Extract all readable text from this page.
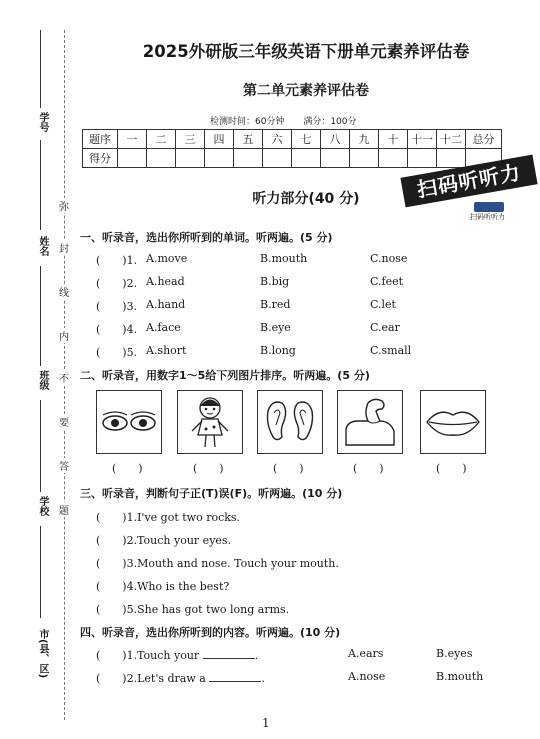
学号
姓名
班级
学校
市(县、区)
弥
封
线
内
不
要
答
题
2025外研版三年级英语下册单元素养评估卷
第二单元素养评估卷
检测时间：60分钟 满分：100分
题序	一	二	三	四	五	六	七	八	九	十	十一	十二	总分
得分													
扫码听听力
扫码听听力
听力部分(40 分)
一、听录音，选出你所听到的单词。听两遍。(5 分)
(　　)1. A.move	B.mouth	C.nose
(　　)2. A.head	B.big	C.feet
(　　)3. A.hand	B.red	C.let
(　　)4. A.face	B.eye	C.ear
(　　)5. A.short	B.long	C.small
二、听录音，用数字1～5给下列图片排序。听两遍。(5 分)
(　　)	(　　)	(　　)	(　　)	(　　)
三、听录音，判断句子正(T)误(F)。听两遍。(10 分)
(　　)1.I've got two rocks.
(　　)2.Touch your eyes.
(　　)3.Mouth and nose. Touch your mouth.
(　　)4.Who is the best?
(　　)5.She has got two long arms.
四、听录音，选出你所听到的内容。听两遍。(10 分)
(　　)1.Touch your	.	A.ears	B.eyes
(　　)2.Let's draw a	.	A.nose	B.mouth
1
